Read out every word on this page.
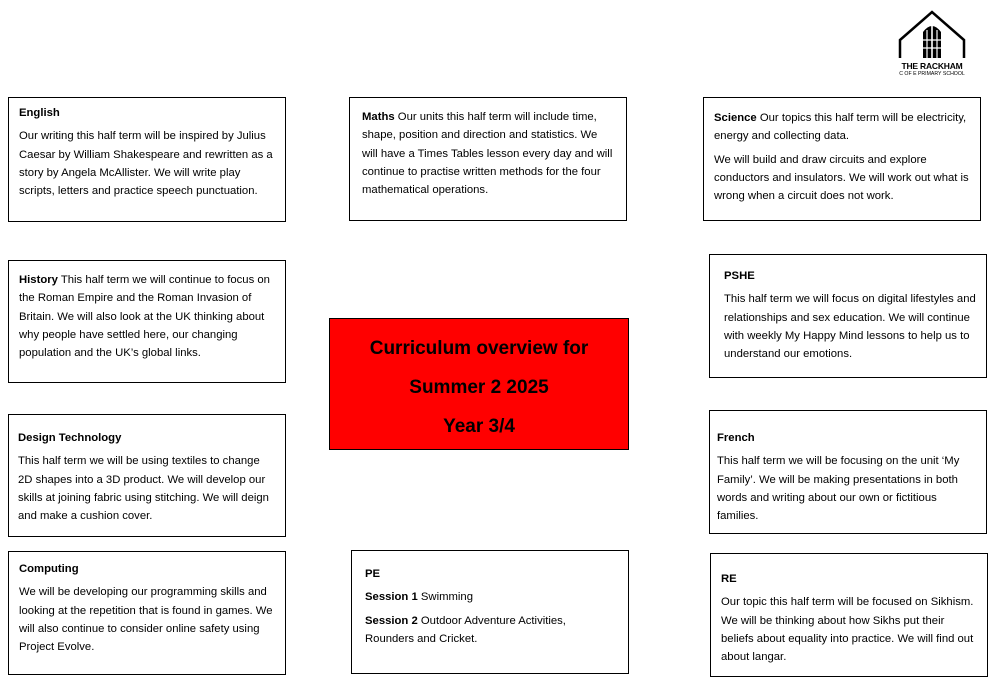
THE RACKHAM
C OF E PRIMARY SCHOOL

English

Our writing this half term will be inspired by Julius Caesar by William Shakespeare and rewritten as a story by Angela McAllister. We will write play scripts, letters and practice speech punctuation.

Maths Our units this half term will include time, shape, position and direction and statistics. We will have a Times Tables lesson every day and will continue to practise written methods for the four mathematical operations.

Science Our topics this half term will be electricity, energy and collecting data.

We will build and draw circuits and explore conductors and insulators. We will work out what is wrong when a circuit does not work.

History This half term we will continue to focus on the Roman Empire and the Roman Invasion of Britain. We will also look at the UK thinking about why people have settled here, our changing population and the UK’s global links.	Curriculum overview for
Summer 2 2025
Year 3/4

PSHE

This half term we will focus on digital lifestyles and relationships and sex education. We will continue with weekly My Happy Mind lessons to help us to understand our emotions.

Design Technology

This half term we will be using textiles to change 2D shapes into a 3D product. We will develop our skills at joining fabric using stitching. We will deign and make a cushion cover.

French

This half term we will be focusing on the unit ‘My Family’. We will be making presentations in both words and writing about our own or fictitious families.

Computing

We will be developing our programming skills and looking at the repetition that is found in games. We will also continue to consider online safety using Project Evolve.

PE

Session 1 Swimming

Session 2 Outdoor Adventure Activities, Rounders and Cricket.

RE

Our topic this half term will be focused on Sikhism. We will be thinking about how Sikhs put their beliefs about equality into practice. We will find out about langar.
